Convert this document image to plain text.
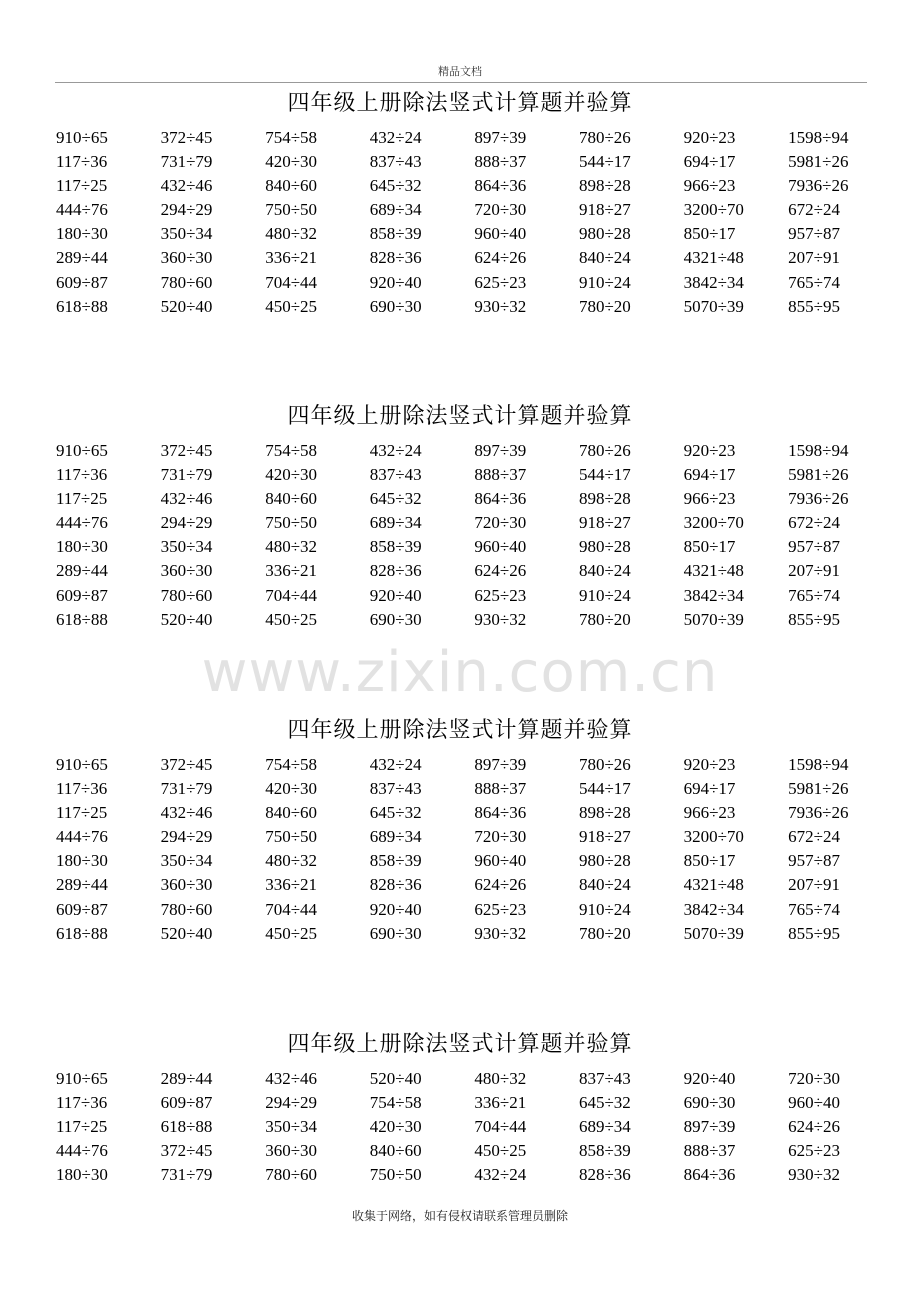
精品文档
www.zixin.com.cn
四年级上册除法竖式计算题并验算
910÷65	372÷45	754÷58	432÷24	897÷39	780÷26	920÷23	1598÷94
117÷36	731÷79	420÷30	837÷43	888÷37	544÷17	694÷17	5981÷26
117÷25	432÷46	840÷60	645÷32	864÷36	898÷28	966÷23	7936÷26
444÷76	294÷29	750÷50	689÷34	720÷30	918÷27	3200÷70	672÷24
180÷30	350÷34	480÷32	858÷39	960÷40	980÷28	850÷17	957÷87
289÷44	360÷30	336÷21	828÷36	624÷26	840÷24	4321÷48	207÷91
609÷87	780÷60	704÷44	920÷40	625÷23	910÷24	3842÷34	765÷74
618÷88	520÷40	450÷25	690÷30	930÷32	780÷20	5070÷39	855÷95
四年级上册除法竖式计算题并验算
910÷65	372÷45	754÷58	432÷24	897÷39	780÷26	920÷23	1598÷94
117÷36	731÷79	420÷30	837÷43	888÷37	544÷17	694÷17	5981÷26
117÷25	432÷46	840÷60	645÷32	864÷36	898÷28	966÷23	7936÷26
444÷76	294÷29	750÷50	689÷34	720÷30	918÷27	3200÷70	672÷24
180÷30	350÷34	480÷32	858÷39	960÷40	980÷28	850÷17	957÷87
289÷44	360÷30	336÷21	828÷36	624÷26	840÷24	4321÷48	207÷91
609÷87	780÷60	704÷44	920÷40	625÷23	910÷24	3842÷34	765÷74
618÷88	520÷40	450÷25	690÷30	930÷32	780÷20	5070÷39	855÷95
四年级上册除法竖式计算题并验算
910÷65	372÷45	754÷58	432÷24	897÷39	780÷26	920÷23	1598÷94
117÷36	731÷79	420÷30	837÷43	888÷37	544÷17	694÷17	5981÷26
117÷25	432÷46	840÷60	645÷32	864÷36	898÷28	966÷23	7936÷26
444÷76	294÷29	750÷50	689÷34	720÷30	918÷27	3200÷70	672÷24
180÷30	350÷34	480÷32	858÷39	960÷40	980÷28	850÷17	957÷87
289÷44	360÷30	336÷21	828÷36	624÷26	840÷24	4321÷48	207÷91
609÷87	780÷60	704÷44	920÷40	625÷23	910÷24	3842÷34	765÷74
618÷88	520÷40	450÷25	690÷30	930÷32	780÷20	5070÷39	855÷95
四年级上册除法竖式计算题并验算
910÷65	289÷44	432÷46	520÷40	480÷32	837÷43	920÷40	720÷30
117÷36	609÷87	294÷29	754÷58	336÷21	645÷32	690÷30	960÷40
117÷25	618÷88	350÷34	420÷30	704÷44	689÷34	897÷39	624÷26
444÷76	372÷45	360÷30	840÷60	450÷25	858÷39	888÷37	625÷23
180÷30	731÷79	780÷60	750÷50	432÷24	828÷36	864÷36	930÷32
收集于网络，如有侵权请联系管理员删除
